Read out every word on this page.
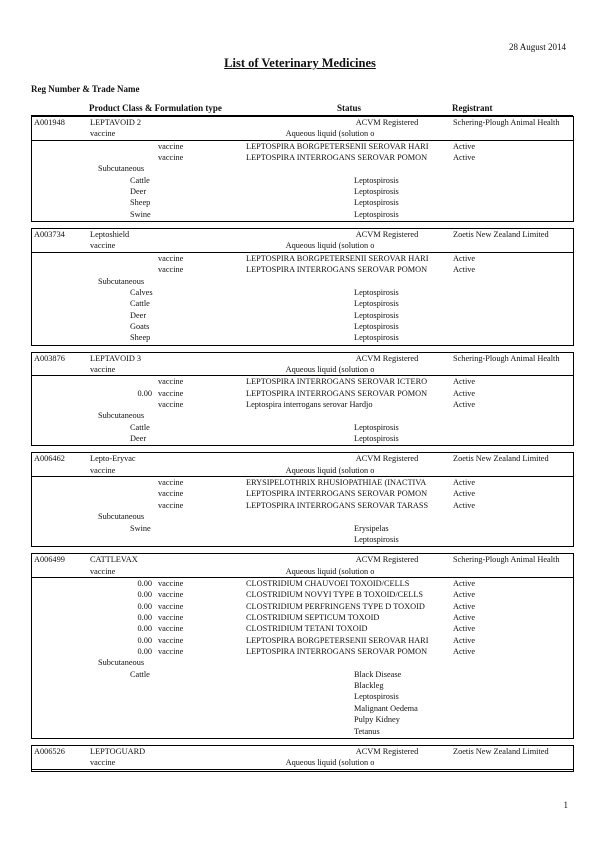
28 August 2014
List of Veterinary Medicines
Reg Number & Trade Name
Product Class & Formulation type	Status	Registrant
A001948	LEPTAVOID 2	ACVM Registered	Schering-Plough Animal Health
vaccine	Aqueous liquid (solution o
vaccine	LEPTOSPIRA BORGPETERSENII SEROVAR HARI	Active
vaccine	LEPTOSPIRA INTERROGANS SEROVAR POMON	Active
Subcutaneous
Cattle	Leptospirosis
Deer	Leptospirosis
Sheep	Leptospirosis
Swine	Leptospirosis
A003734	Leptoshield	ACVM Registered	Zoetis New Zealand Limited
vaccine	Aqueous liquid (solution o
vaccine	LEPTOSPIRA BORGPETERSENII SEROVAR HARI	Active
vaccine	LEPTOSPIRA INTERROGANS SEROVAR POMON	Active
Subcutaneous
Calves	Leptospirosis
Cattle	Leptospirosis
Deer	Leptospirosis
Goats	Leptospirosis
Sheep	Leptospirosis
A003876	LEPTAVOID 3	ACVM Registered	Schering-Plough Animal Health
vaccine	Aqueous liquid (solution o
vaccine	LEPTOSPIRA INTERROGANS SEROVAR ICTERO	Active
0.00 vaccine	LEPTOSPIRA INTERROGANS SEROVAR POMON	Active
vaccine	Leptospira interrogans serovar Hardjo	Active
Subcutaneous
Cattle	Leptospirosis
Deer	Leptospirosis
A006462	Lepto-Eryvac	ACVM Registered	Zoetis New Zealand Limited
vaccine	Aqueous liquid (solution o
vaccine	ERYSIPELOTHRIX RHUSIOPATHIAE (INACTIVA	Active
vaccine	LEPTOSPIRA INTERROGANS SEROVAR POMON	Active
vaccine	LEPTOSPIRA INTERROGANS SEROVAR TARASS	Active
Subcutaneous
Swine	Erysipelas
Leptospirosis
A006499	CATTLEVAX	ACVM Registered	Schering-Plough Animal Health
vaccine	Aqueous liquid (solution o
0.00 vaccine	CLOSTRIDIUM CHAUVOEI TOXOID/CELLS	Active
0.00 vaccine	CLOSTRIDIUM NOVYI TYPE B TOXOID/CELLS	Active
0.00 vaccine	CLOSTRIDIUM PERFRINGENS TYPE D TOXOID	Active
0.00 vaccine	CLOSTRIDIUM SEPTICUM TOXOID	Active
0.00 vaccine	CLOSTRIDIUM TETANI TOXOID	Active
0.00 vaccine	LEPTOSPIRA BORGPETERSENII SEROVAR HARI	Active
0.00 vaccine	LEPTOSPIRA INTERROGANS SEROVAR POMON	Active
Subcutaneous
Cattle	Black Disease
Blackleg
Leptospirosis
Malignant Oedema
Pulpy Kidney
Tetanus
A006526	LEPTOGUARD	ACVM Registered	Zoetis New Zealand Limited
vaccine	Aqueous liquid (solution o
1
